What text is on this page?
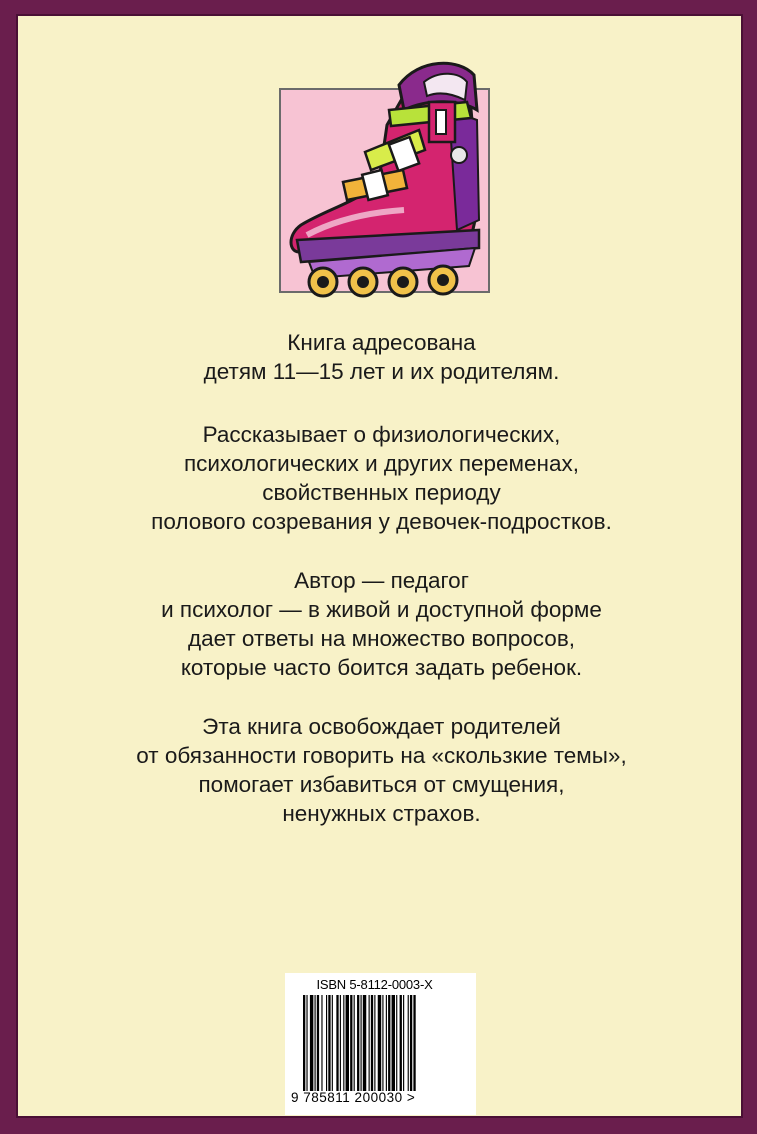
Книга адресована
детям 11—15 лет и их родителям.

Рассказывает о физиологических,
психологических и других переменах,
свойственных периоду
полового созревания у девочек-подростков.

Автор — педагог
и психолог — в живой и доступной форме
дает ответы на множество вопросов,
которые часто боится задать ребенок.

Эта книга освобождает родителей
от обязанности говорить на «скользкие темы»,
помогает избавиться от смущения,
ненужных страхов.

ISBN 5-8112-0003-X
9 785811 200030 >
